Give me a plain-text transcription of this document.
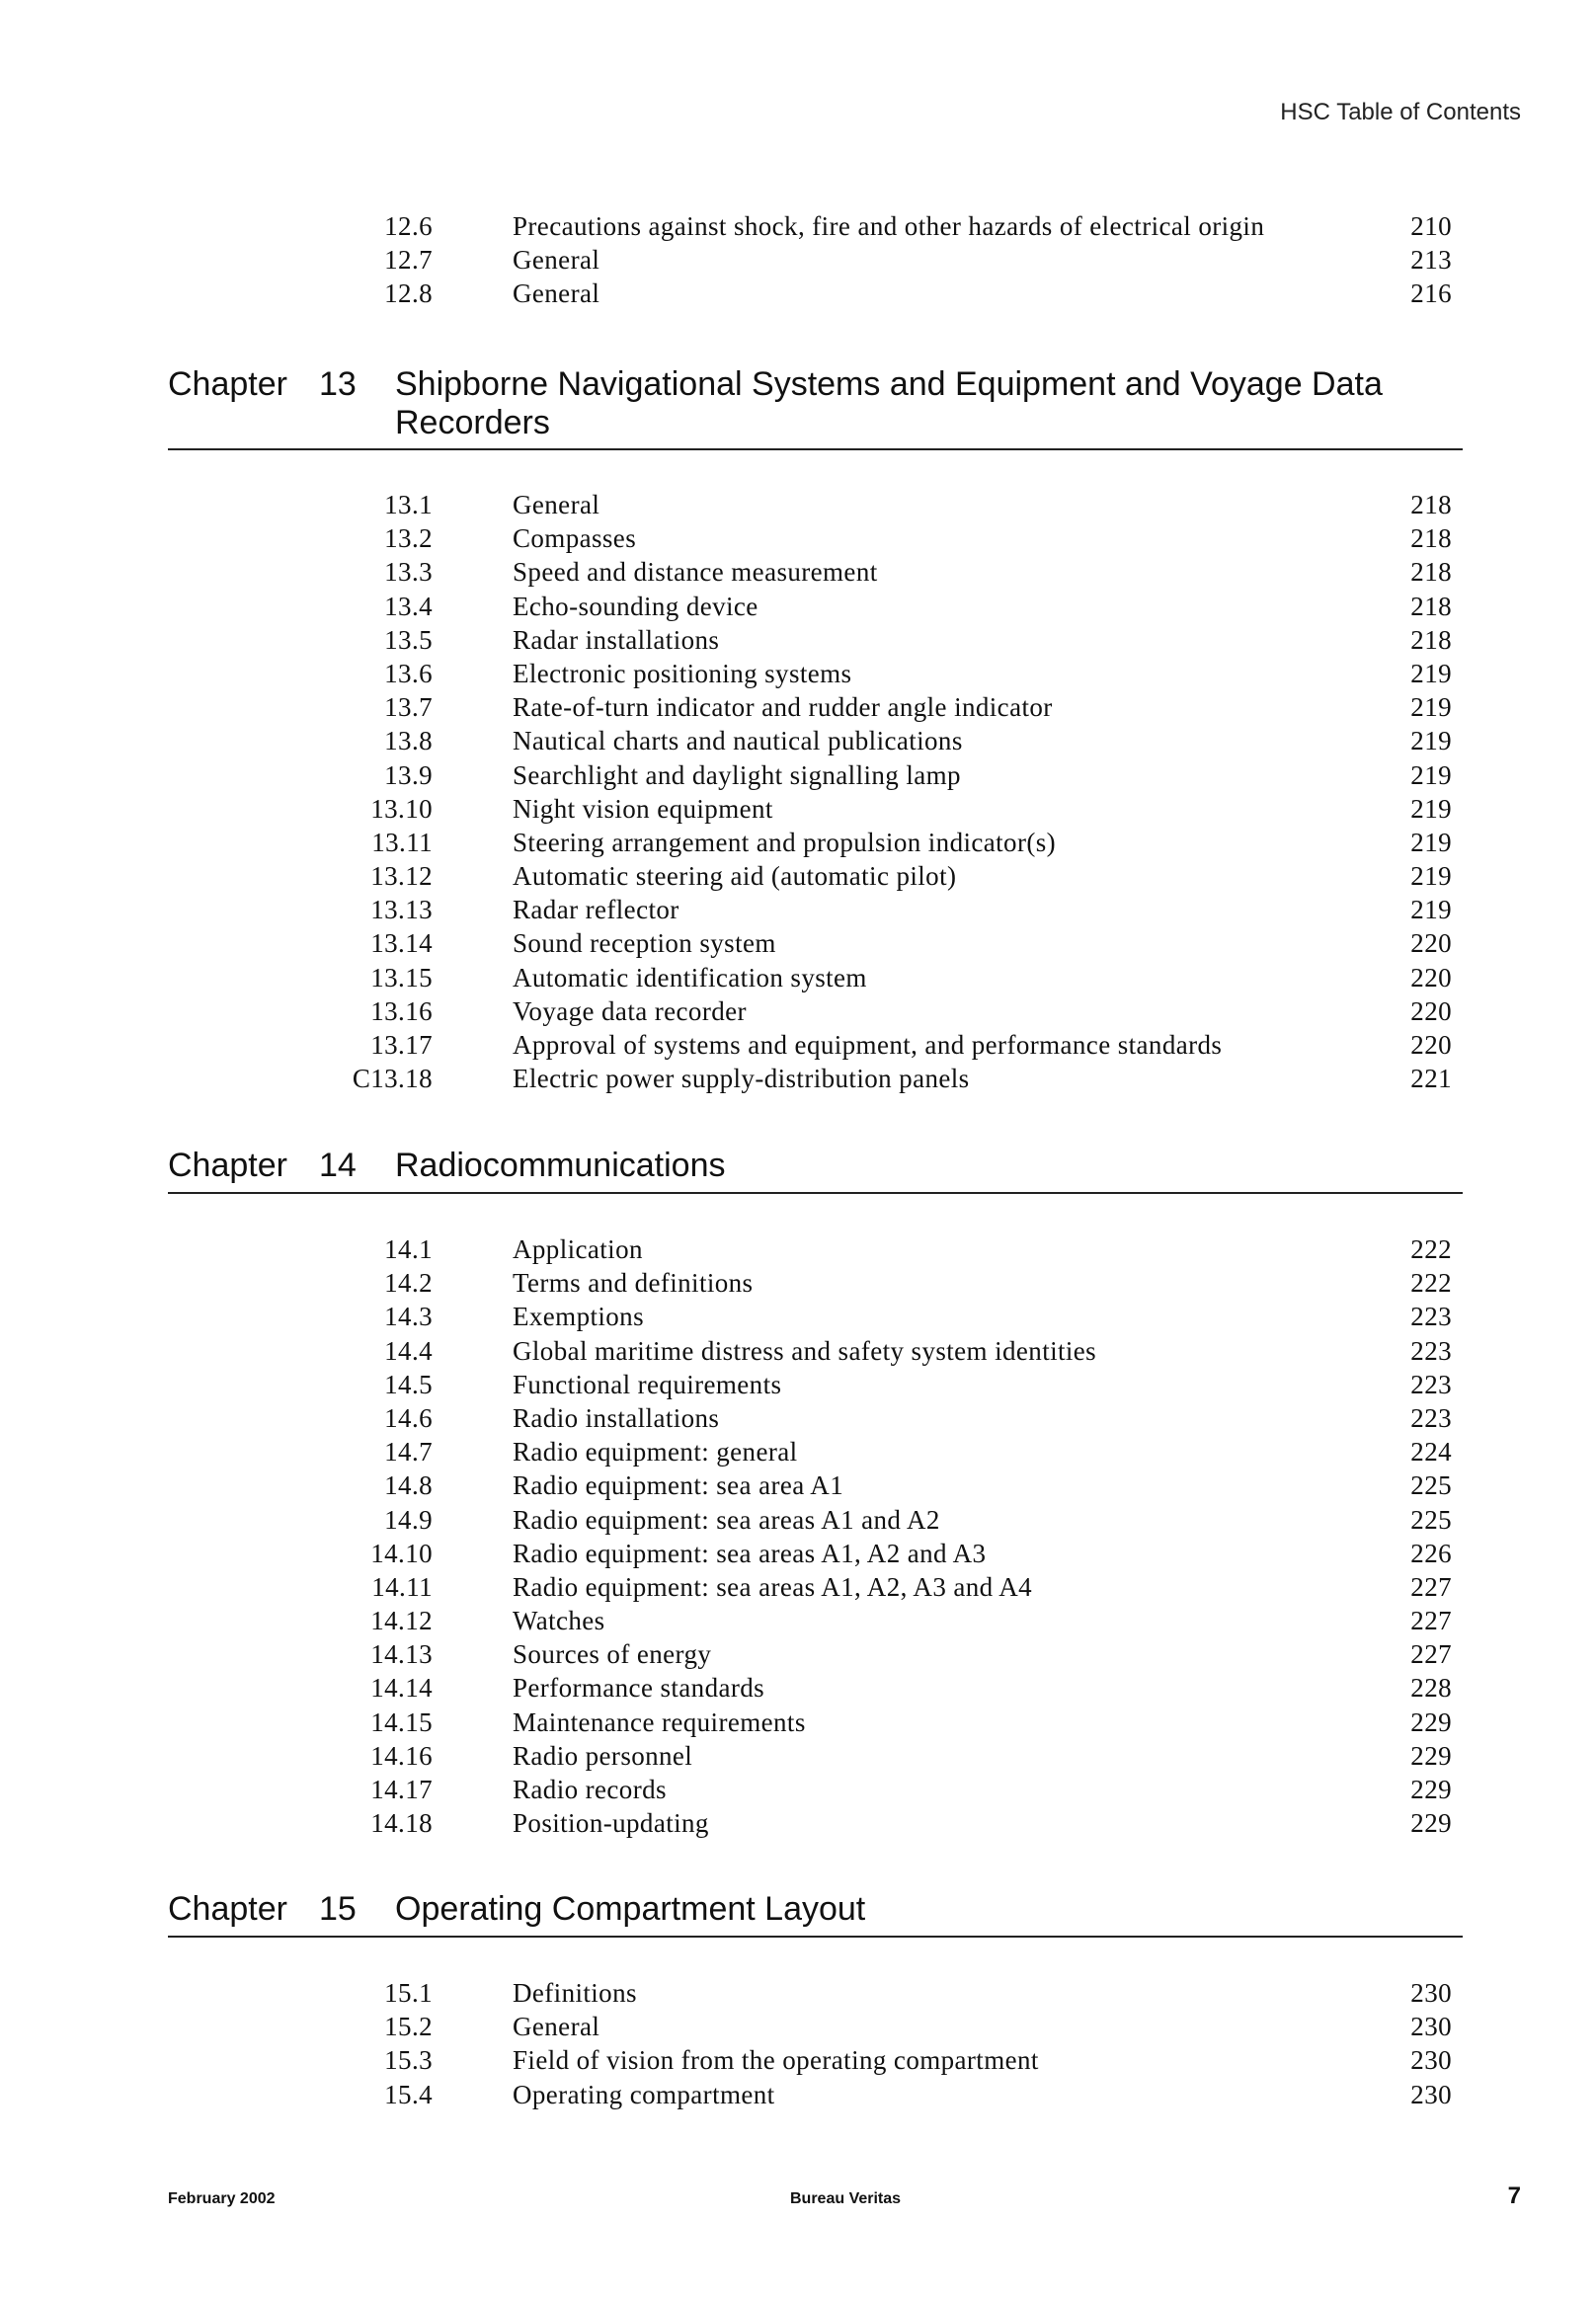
HSC Table of Contents
12.6	Precautions against shock, fire and other hazards of electrical origin	210
12.7	General	213
12.8	General	216
Chapter 13 Shipborne Navigational Systems and Equipment and Voyage Data Recorders
13.1	General	218
13.2	Compasses	218
13.3	Speed and distance measurement	218
13.4	Echo-sounding device	218
13.5	Radar installations	218
13.6	Electronic positioning systems	219
13.7	Rate-of-turn indicator and rudder angle indicator	219
13.8	Nautical charts and nautical publications	219
13.9	Searchlight and daylight signalling lamp	219
13.10	Night vision equipment	219
13.11	Steering arrangement and propulsion indicator(s)	219
13.12	Automatic steering aid (automatic pilot)	219
13.13	Radar reflector	219
13.14	Sound reception system	220
13.15	Automatic identification system	220
13.16	Voyage data recorder	220
13.17	Approval of systems and equipment, and performance standards	220
C13.18	Electric power supply-distribution panels	221
Chapter 14 Radiocommunications
14.1	Application	222
14.2	Terms and definitions	222
14.3	Exemptions	223
14.4	Global maritime distress and safety system identities	223
14.5	Functional requirements	223
14.6	Radio installations	223
14.7	Radio equipment: general	224
14.8	Radio equipment: sea area A1	225
14.9	Radio equipment: sea areas A1 and A2	225
14.10	Radio equipment: sea areas A1, A2 and A3	226
14.11	Radio equipment: sea areas A1, A2, A3 and A4	227
14.12	Watches	227
14.13	Sources of energy	227
14.14	Performance standards	228
14.15	Maintenance requirements	229
14.16	Radio personnel	229
14.17	Radio records	229
14.18	Position-updating	229
Chapter 15 Operating Compartment Layout
15.1	Definitions	230
15.2	General	230
15.3	Field of vision from the operating compartment	230
15.4	Operating compartment	230
February 2002	Bureau Veritas	7
